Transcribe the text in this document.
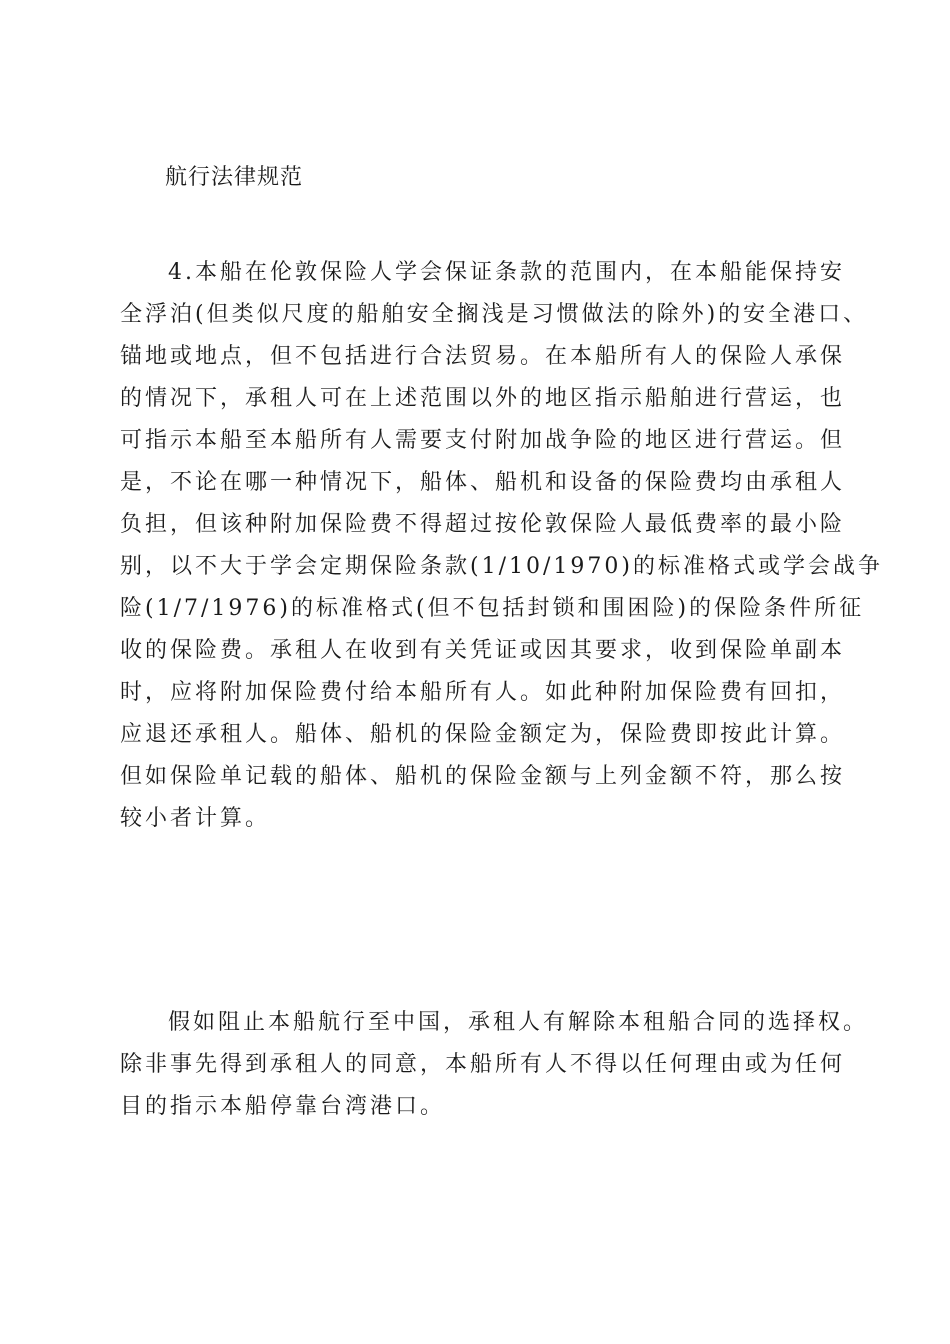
航行法律规范
4.本船在伦敦保险人学会保证条款的范围内，在本船能保持安
全浮泊(但类似尺度的船舶安全搁浅是习惯做法的除外)的安全港口、
锚地或地点，但不包括进行合法贸易。在本船所有人的保险人承保
的情况下，承租人可在上述范围以外的地区指示船舶进行营运，也
可指示本船至本船所有人需要支付附加战争险的地区进行营运。但
是，不论在哪一种情况下，船体、船机和设备的保险费均由承租人
负担，但该种附加保险费不得超过按伦敦保险人最低费率的最小险
别，以不大于学会定期保险条款(1/10/1970)的标准格式或学会战争
险(1/7/1976)的标准格式(但不包括封锁和围困险)的保险条件所征
收的保险费。承租人在收到有关凭证或因其要求，收到保险单副本
时，应将附加保险费付给本船所有人。如此种附加保险费有回扣，
应退还承租人。船体、船机的保险金额定为，保险费即按此计算。
但如保险单记载的船体、船机的保险金额与上列金额不符，那么按
较小者计算。
假如阻止本船航行至中国，承租人有解除本租船合同的选择权。
除非事先得到承租人的同意，本船所有人不得以任何理由或为任何
目的指示本船停靠台湾港口。
